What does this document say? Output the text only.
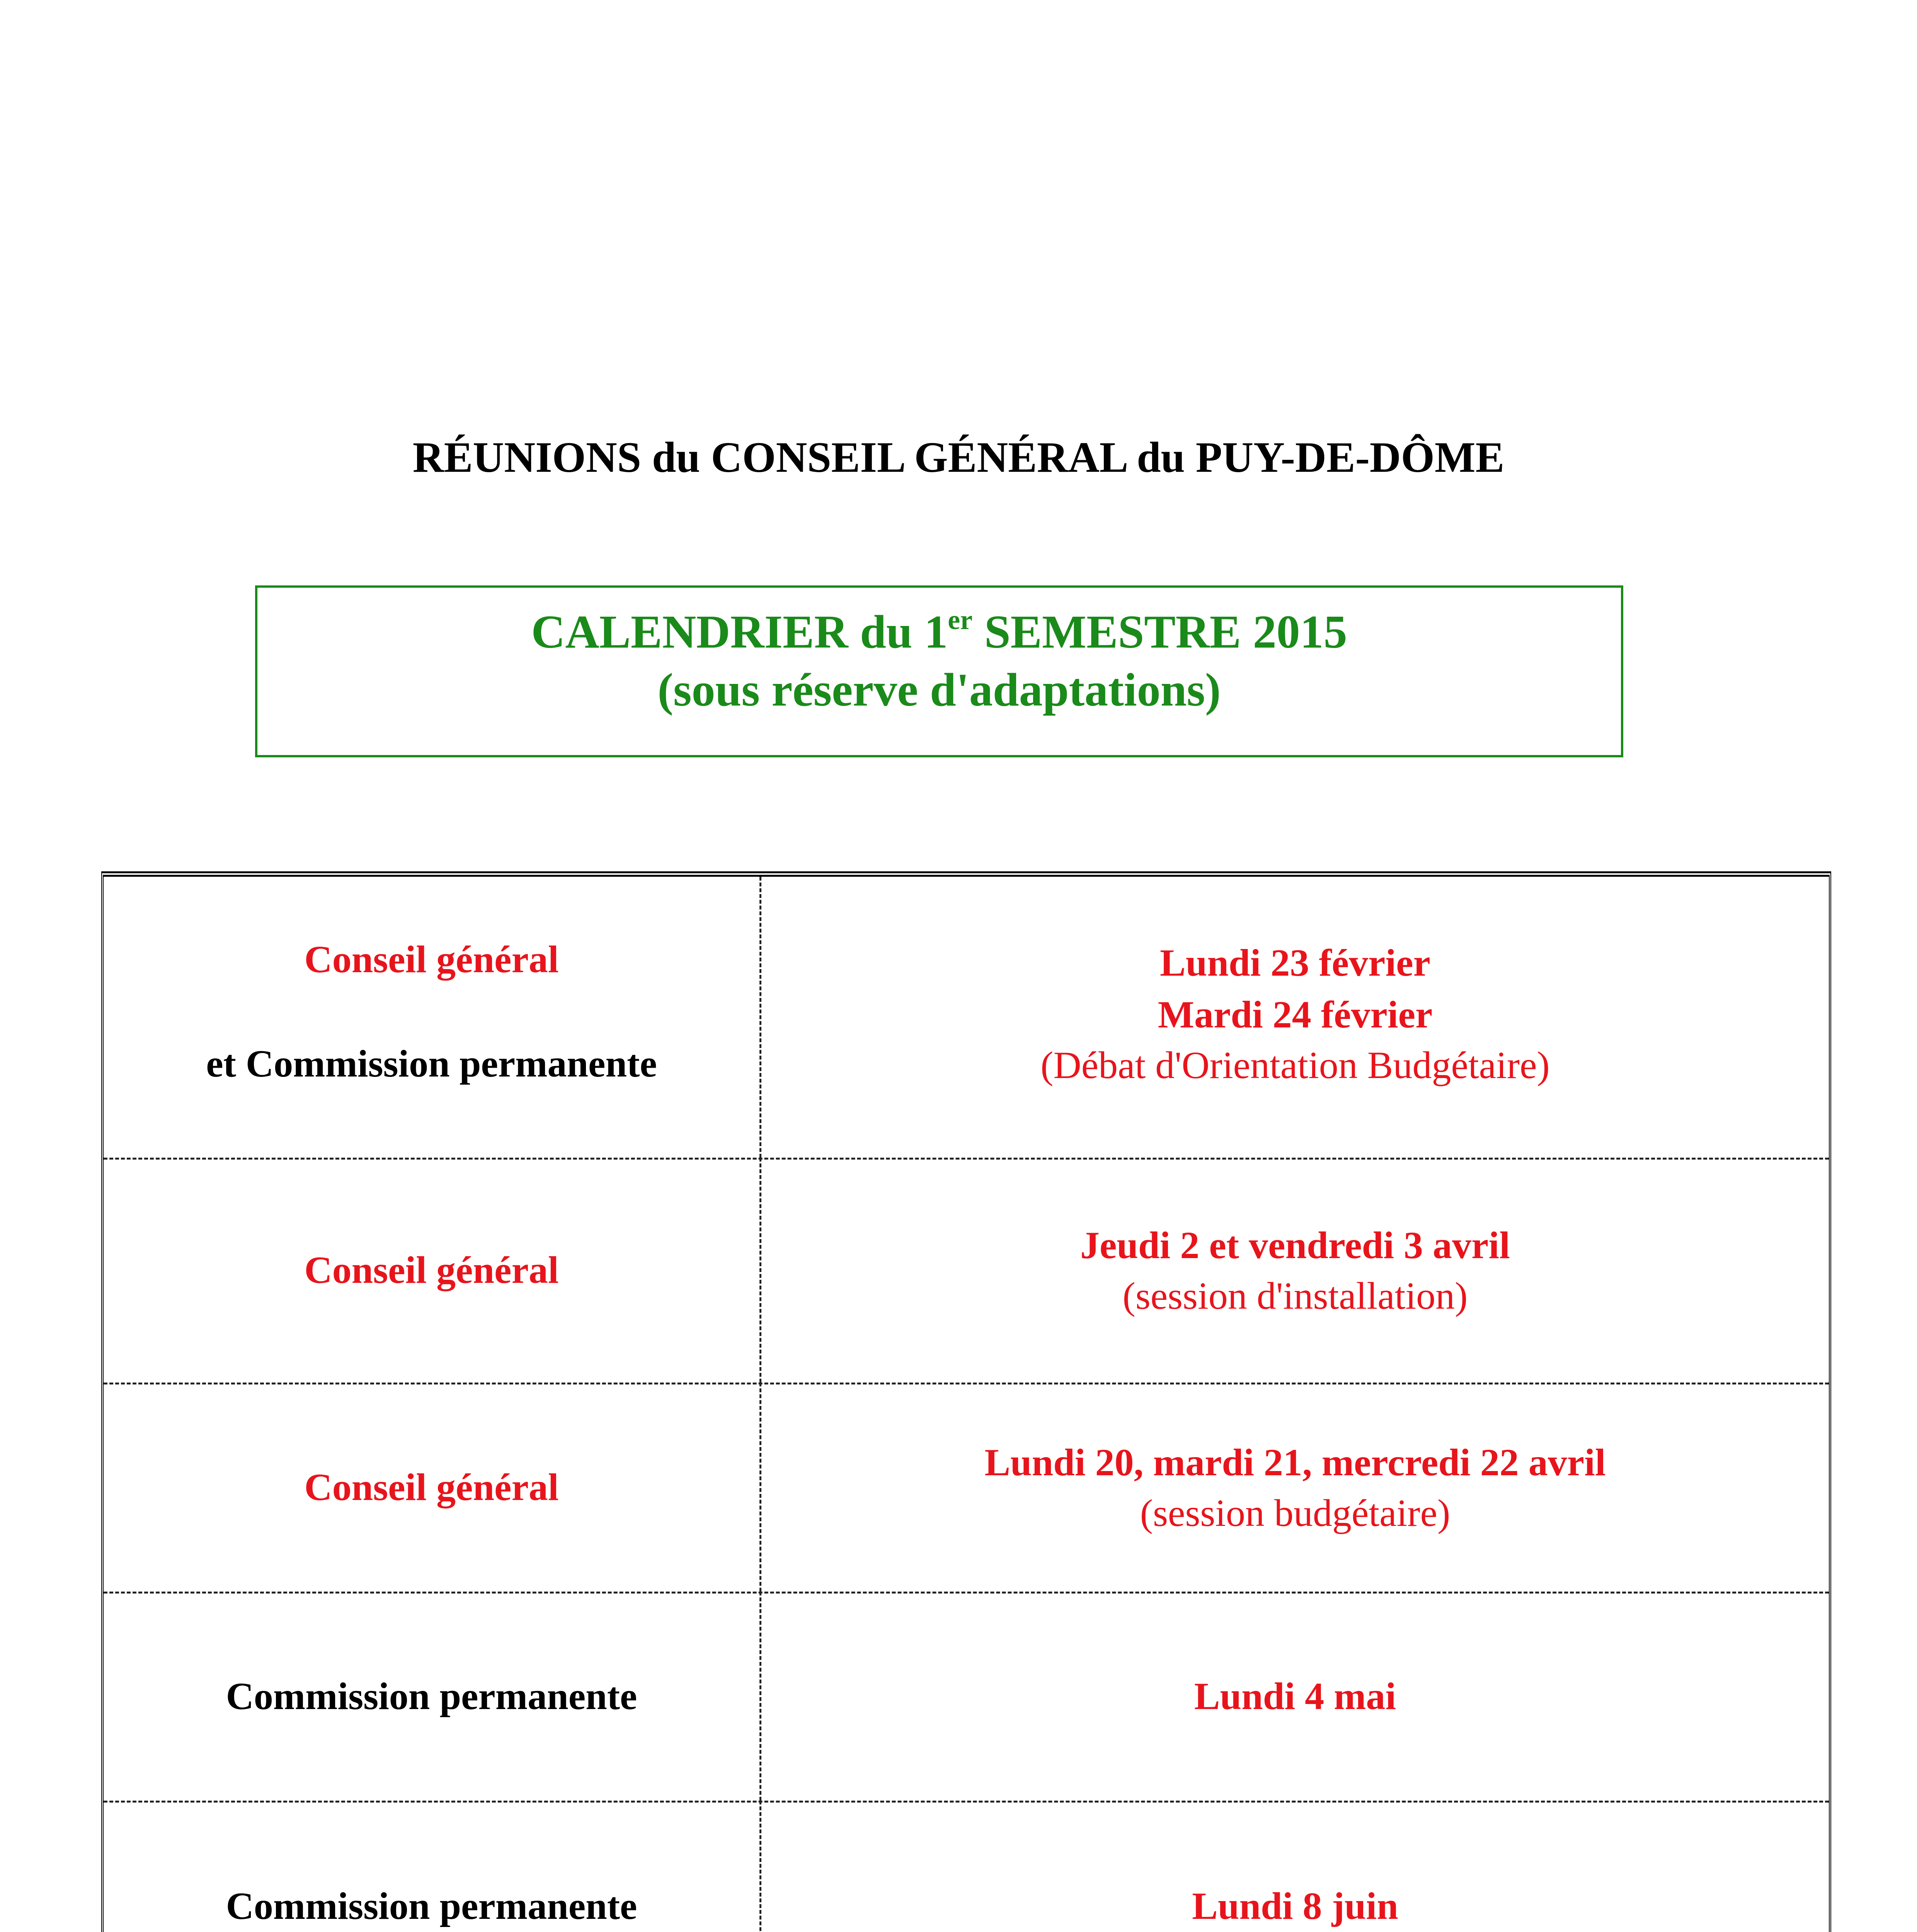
RÉUNIONS du CONSEIL GÉNÉRAL du PUY-DE-DÔME
CALENDRIER du 1er SEMESTRE 2015
(sous réserve d'adaptations)
Conseil général
et Commission permanente
Lundi 23 février
Mardi 24 février
(Débat d'Orientation Budgétaire)
Conseil général
Jeudi 2 et vendredi 3 avril
(session d'installation)
Conseil général
Lundi 20, mardi 21, mercredi 22 avril
(session budgétaire)
Commission permanente	Lundi 4 mai
Commission permanente	Lundi 8 juin
